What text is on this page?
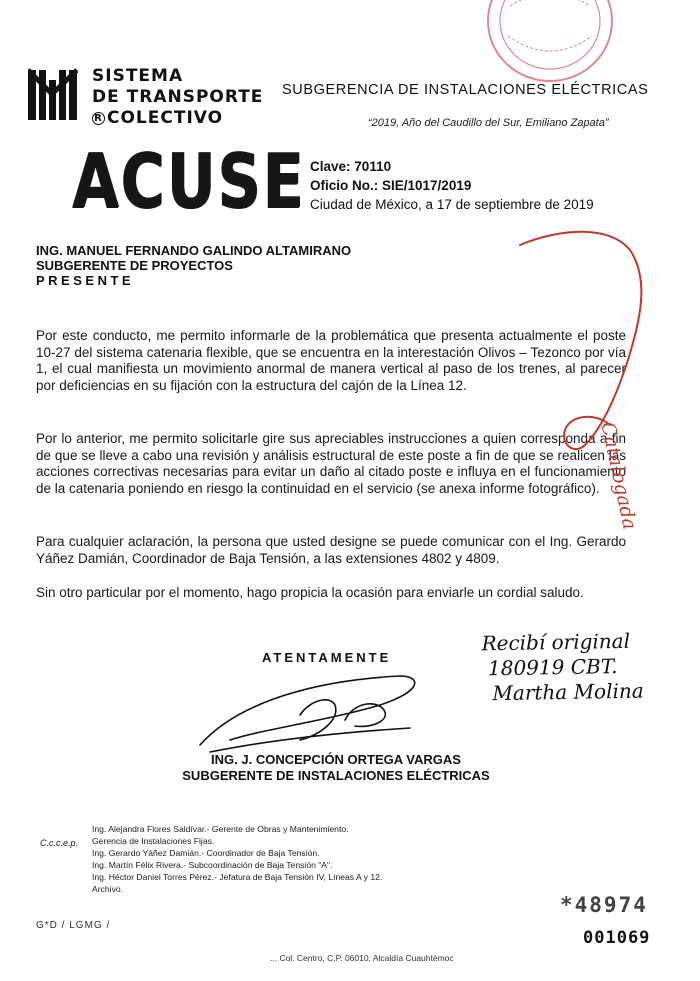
SISTEMA
DE TRANSPORTE
R COLECTIVO
SUBGERENCIA DE INSTALACIONES ELÉCTRICAS
“2019, Año del Caudillo del Sur, Emiliano Zapata”
ACUSE Clave: 70110
Oficio No.: SIE/1017/2019
Ciudad de México, a 17 de septiembre de 2019
ING. MANUEL FERNANDO GALINDO ALTAMIRANO
SUBGERENTE DE PROYECTOS
PRESENTE
Por este conducto, me permito informarle de la problemática que presenta actualmente el poste 10-27 del sistema catenaria flexible, que se encuentra en la interestación Olivos – Tezonco por vía 1, el cual manifiesta un movimiento anormal de manera vertical al paso de los trenes, al parecer por deficiencias en su fijación con la estructura del cajón de la Línea 12.
Por lo anterior, me permito solicitarle gire sus apreciables instrucciones a quien corresponda a fin de que se lleve a cabo una revisión y análisis estructural de este poste a fin de que se realicen las acciones correctivas necesarias para evitar un daño al citado poste e influya en el funcionamiento de la catenaria poniendo en riesgo la continuidad en el servicio (se anexa informe fotográfico).
Para cualquier aclaración, la persona que usted designe se puede comunicar con el Ing. Gerardo Yáñez Damián, Coordinador de Baja Tensión, a las extensiones 4802 y 4809.
Sin otro particular por el momento, hago propicia la ocasión para enviarle un cordial saludo.
ATENTAMENTE
Recibí original
180919 CBT.
Martha Molina
Catalogada
ING. J. CONCEPCIÓN ORTEGA VARGAS
SUBGERENTE DE INSTALACIONES ELÉCTRICAS
C.c.c.e.p.
Ing. Alejandra Flores Saldívar.- Gerente de Obras y Mantenimiento.
Gerencia de Instalaciones Fijas.
Ing. Gerardo Yáñez Damián.- Coordinador de Baja Tensión.
Ing. Martín Félix Rivera.- Subcoordinación de Baja Tensión "A".
Ing. Héctor Daniel Torres Pérez.- Jefatura de Baja Tensión IV, Líneas A y 12.
Archivo.
G*D / LGMG /
*48974
001069
... Col. Centro, C.P. 06010, Alcaldía Cuauhtémoc
